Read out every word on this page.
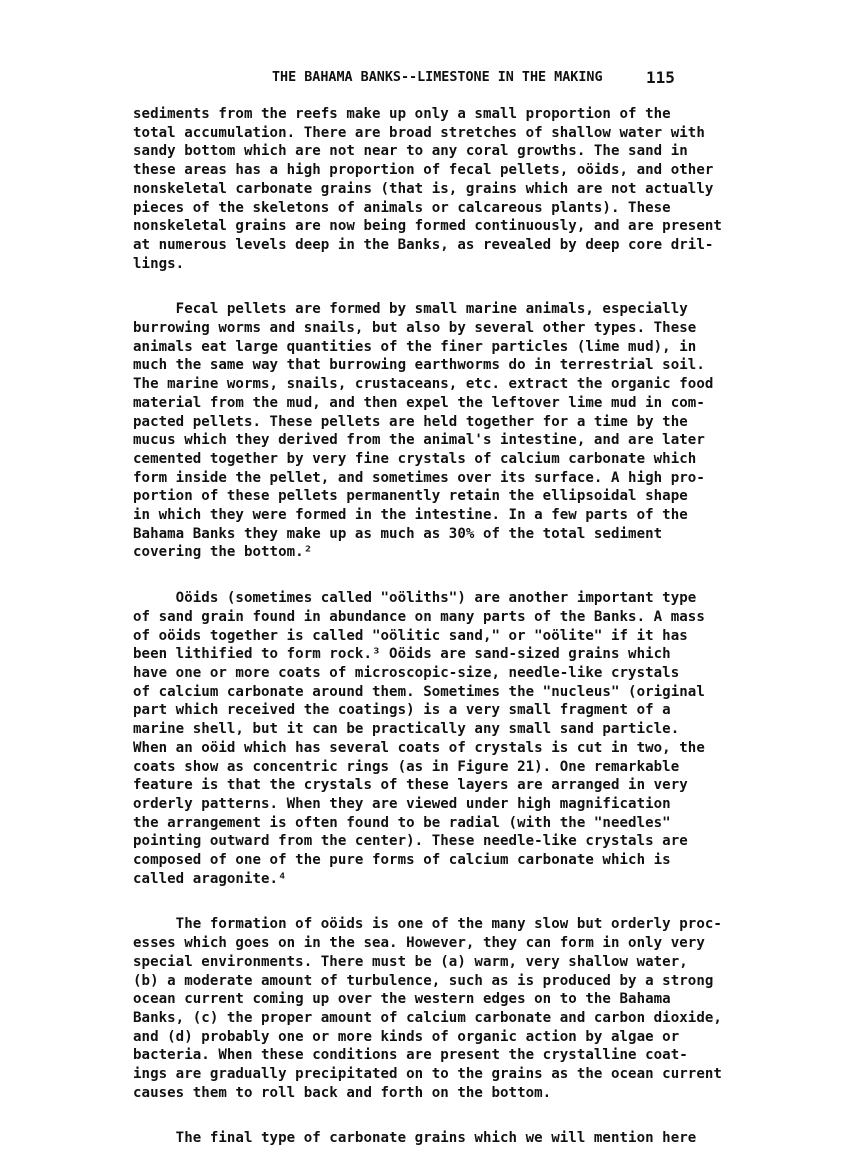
THE BAHAMA BANKS--LIMESTONE IN THE MAKING	115

sediments from the reefs make up only a small proportion of the
total accumulation. There are broad stretches of shallow water with
sandy bottom which are not near to any coral growths. The sand in
these areas has a high proportion of fecal pellets, oöids, and other
nonskeletal carbonate grains (that is, grains which are not actually
pieces of the skeletons of animals or calcareous plants). These
nonskeletal grains are now being formed continuously, and are present
at numerous levels deep in the Banks, as revealed by deep core dril-
lings.

Fecal pellets are formed by small marine animals, especially
burrowing worms and snails, but also by several other types. These
animals eat large quantities of the finer particles (lime mud), in
much the same way that burrowing earthworms do in terrestrial soil.
The marine worms, snails, crustaceans, etc. extract the organic food
material from the mud, and then expel the leftover lime mud in com-
pacted pellets. These pellets are held together for a time by the
mucus which they derived from the animal's intestine, and are later
cemented together by very fine crystals of calcium carbonate which
form inside the pellet, and sometimes over its surface. A high pro-
portion of these pellets permanently retain the ellipsoidal shape
in which they were formed in the intestine. In a few parts of the
Bahama Banks they make up as much as 30% of the total sediment
covering the bottom.²

Oöids (sometimes called "oöliths") are another important type
of sand grain found in abundance on many parts of the Banks. A mass
of oöids together is called "oölitic sand," or "oölite" if it has
been lithified to form rock.³ Oöids are sand-sized grains which
have one or more coats of microscopic-size, needle-like crystals
of calcium carbonate around them. Sometimes the "nucleus" (original
part which received the coatings) is a very small fragment of a
marine shell, but it can be practically any small sand particle.
When an oöid which has several coats of crystals is cut in two, the
coats show as concentric rings (as in Figure 21). One remarkable
feature is that the crystals of these layers are arranged in very
orderly patterns. When they are viewed under high magnification
the arrangement is often found to be radial (with the "needles"
pointing outward from the center). These needle-like crystals are
composed of one of the pure forms of calcium carbonate which is
called aragonite.⁴

The formation of oöids is one of the many slow but orderly proc-
esses which goes on in the sea. However, they can form in only very
special environments. There must be (a) warm, very shallow water,
(b) a moderate amount of turbulence, such as is produced by a strong
ocean current coming up over the western edges on to the Bahama
Banks, (c) the proper amount of calcium carbonate and carbon dioxide,
and (d) probably one or more kinds of organic action by algae or
bacteria. When these conditions are present the crystalline coat-
ings are gradually precipitated on to the grains as the ocean current
causes them to roll back and forth on the bottom.

The final type of carbonate grains which we will mention here
